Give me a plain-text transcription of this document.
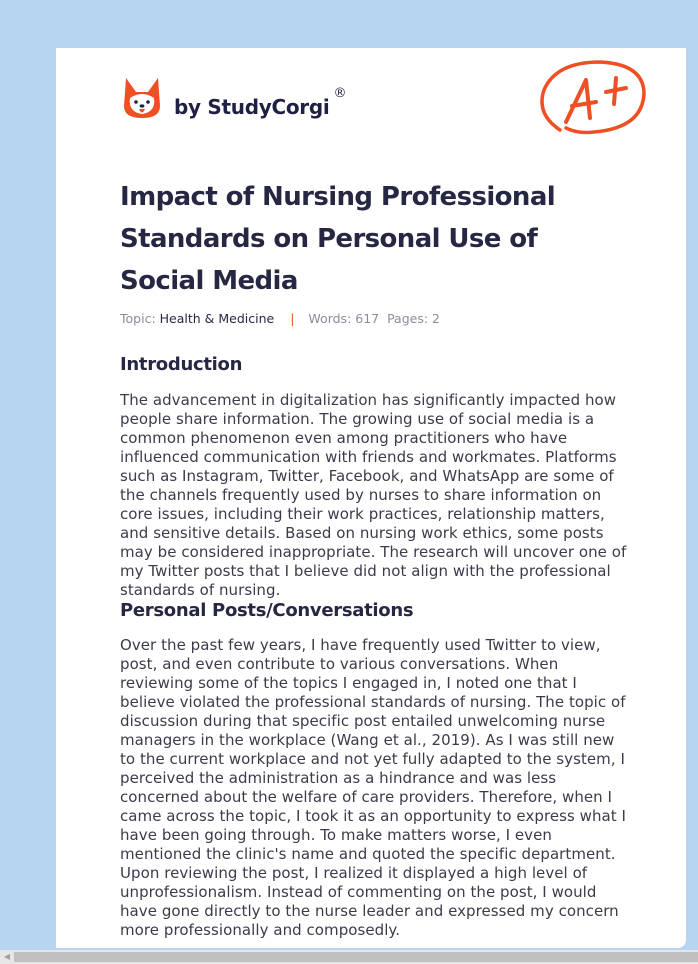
by StudyCorgi
®
Impact of Nursing Professional Standards on Personal Use of Social Media
Topic: Health & Medicine | Words: 617 Pages: 2
Introduction

The advancement in digitalization has significantly impacted how people share information. The growing use of social media is a common phenomenon even among practitioners who have influenced communication with friends and workmates. Platforms such as Instagram, Twitter, Facebook, and WhatsApp are some of the channels frequently used by nurses to share information on core issues, including their work practices, relationship matters, and sensitive details. Based on nursing work ethics, some posts may be considered inappropriate. The research will uncover one of my Twitter posts that I believe did not align with the professional standards of nursing.

Personal Posts/Conversations

Over the past few years, I have frequently used Twitter to view, post, and even contribute to various conversations. When reviewing some of the topics I engaged in, I noted one that I believe violated the professional standards of nursing. The topic of discussion during that specific post entailed unwelcoming nurse managers in the workplace (Wang et al., 2019). As I was still new to the current workplace and not yet fully adapted to the system, I perceived the administration as a hindrance and was less concerned about the welfare of care providers. Therefore, when I came across the topic, I took it as an opportunity to express what I have been going through. To make matters worse, I even mentioned the clinic's name and quoted the specific department. Upon reviewing the post, I realized it displayed a high level of unprofessionalism. Instead of commenting on the post, I would have gone directly to the nurse leader and expressed my concern more professionally and composedly.

◀
